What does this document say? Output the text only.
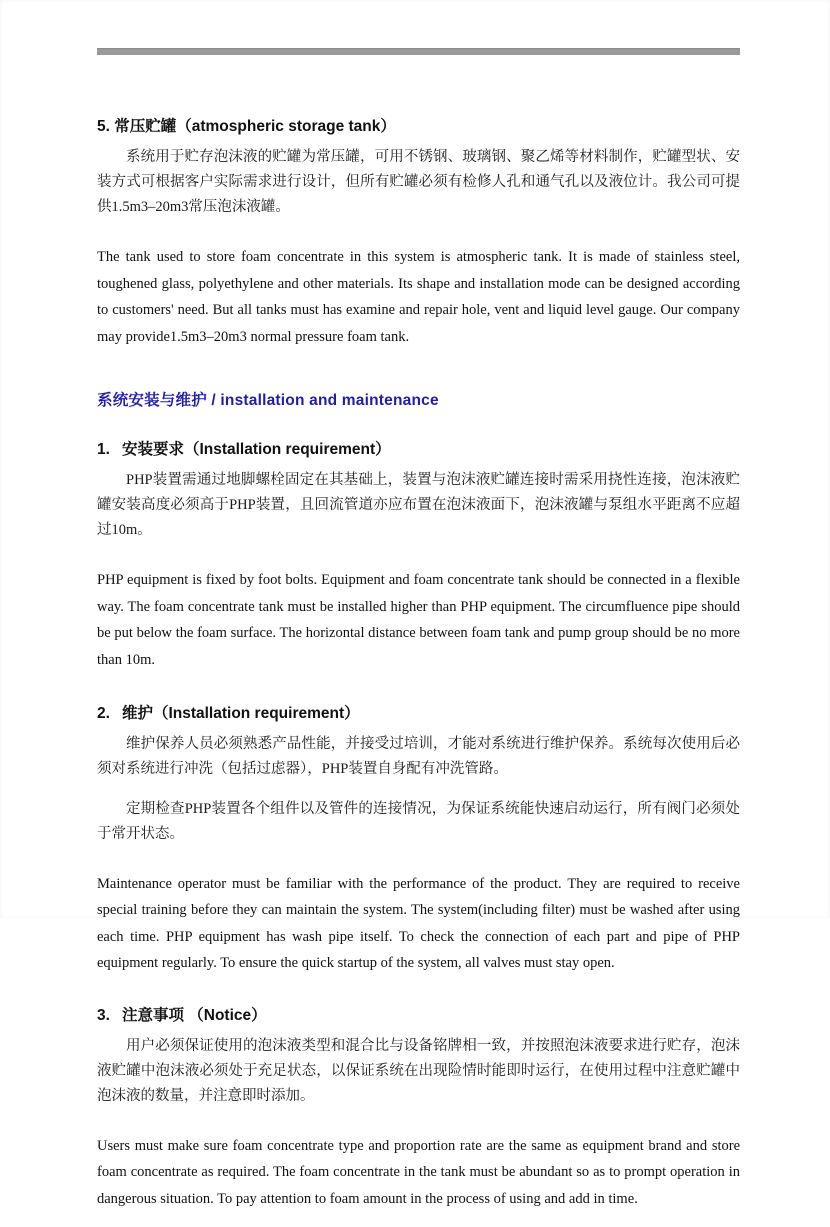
5. 常压贮罐（atmospheric storage tank）

系统用于贮存泡沫液的贮罐为常压罐，可用不锈钢、玻璃钢、聚乙烯等材料制作，贮罐型状、安装方式可根据客户实际需求进行设计，但所有贮罐必须有检修人孔和通气孔以及液位计。我公司可提供1.5m3–20m3常压泡沫液罐。

The tank used to store foam concentrate in this system is atmospheric tank. It is made of stainless steel, toughened glass, polyethylene and other materials. Its shape and installation mode can be designed according to customers' need. But all tanks must has examine and repair hole, vent and liquid level gauge. Our company may provide1.5m3–20m3 normal pressure foam tank.

系统安装与维护 / installation and maintenance
1. 安装要求（Installation requirement）

PHP装置需通过地脚螺栓固定在其基础上，装置与泡沫液贮罐连接时需采用挠性连接，泡沫液贮罐安装高度必须高于PHP装置，且回流管道亦应布置在泡沫液面下，泡沫液罐与泵组水平距离不应超过10m。

PHP equipment is fixed by foot bolts. Equipment and foam concentrate tank should be connected in a flexible way. The foam concentrate tank must be installed higher than PHP equipment. The circumfluence pipe should be put below the foam surface. The horizontal distance between foam tank and pump group should be no more than 10m.

2. 维护（Installation requirement）

维护保养人员必须熟悉产品性能，并接受过培训，才能对系统进行维护保养。系统每次使用后必须对系统进行冲洗（包括过虑器），PHP装置自身配有冲洗管路。

定期检查PHP装置各个组件以及管件的连接情况，为保证系统能快速启动运行，所有阀门必须处于常开状态。

Maintenance operator must be familiar with the performance of the product. They are required to receive special training before they can maintain the system. The system(including filter) must be washed after using each time. PHP equipment has wash pipe itself. To check the connection of each part and pipe of PHP equipment regularly. To ensure the quick startup of the system, all valves must stay open.

3. 注意事项 （Notice）

用户必须保证使用的泡沫液类型和混合比与设备铭牌相一致，并按照泡沫液要求进行贮存，泡沫液贮罐中泡沫液必须处于充足状态，以保证系统在出现险情时能即时运行，在使用过程中注意贮罐中泡沫液的数量，并注意即时添加。

Users must make sure foam concentrate type and proportion rate are the same as equipment brand and store foam concentrate as required. The foam concentrate in the tank must be abundant so as to prompt operation in dangerous situation. To pay attention to foam amount in the process of using and add in time.
